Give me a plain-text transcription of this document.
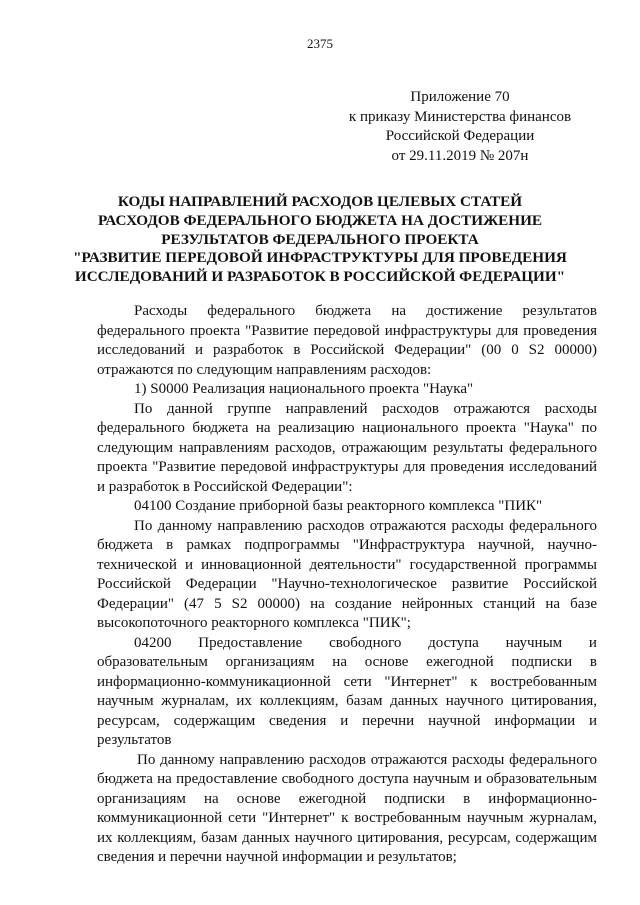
2375
Приложение 70
к приказу Министерства финансов
Российской Федерации
от 29.11.2019 № 207н
КОДЫ НАПРАВЛЕНИЙ РАСХОДОВ ЦЕЛЕВЫХ СТАТЕЙ
РАСХОДОВ ФЕДЕРАЛЬНОГО БЮДЖЕТА НА ДОСТИЖЕНИЕ
РЕЗУЛЬТАТОВ ФЕДЕРАЛЬНОГО ПРОЕКТА
"РАЗВИТИЕ ПЕРЕДОВОЙ ИНФРАСТРУКТУРЫ ДЛЯ ПРОВЕДЕНИЯ
ИССЛЕДОВАНИЙ И РАЗРАБОТОК В РОССИЙСКОЙ ФЕДЕРАЦИИ"

Расходы федерального бюджета на достижение результатов федерального проекта "Развитие передовой инфраструктуры для проведения исследований и разработок в Российской Федерации" (00 0 S2 00000) отражаются по следующим направлениям расходов:

1) S0000 Реализация национального проекта "Наука"

По данной группе направлений расходов отражаются расходы федерального бюджета на реализацию национального проекта "Наука" по следующим направлениям расходов, отражающим результаты федерального проекта "Развитие передовой инфраструктуры для проведения исследований и разработок в Российской Федерации":

04100 Создание приборной базы реакторного комплекса "ПИК"

По данному направлению расходов отражаются расходы федерального бюджета в рамках подпрограммы "Инфраструктура научной, научно-технической и инновационной деятельности" государственной программы Российской Федерации "Научно-технологическое развитие Российской Федерации" (47 5 S2 00000) на создание нейронных станций на базе высокопоточного реакторного комплекса "ПИК";

04200 Предоставление свободного доступа научным и

образовательным организациям на основе ежегодной подписки в

информационно-коммуникационной сети "Интернет" к востребованным

научным журналам, их коллекциям, базам данных научного цитирования,

ресурсам, содержащим сведения и перечни научной информации и

результатов

По данному направлению расходов отражаются расходы федерального бюджета на предоставление свободного доступа научным и образовательным организациям на основе ежегодной подписки в информационно-коммуникационной сети "Интернет" к востребованным научным журналам, их коллекциям, базам данных научного цитирования, ресурсам, содержащим сведения и перечни научной информации и результатов;
